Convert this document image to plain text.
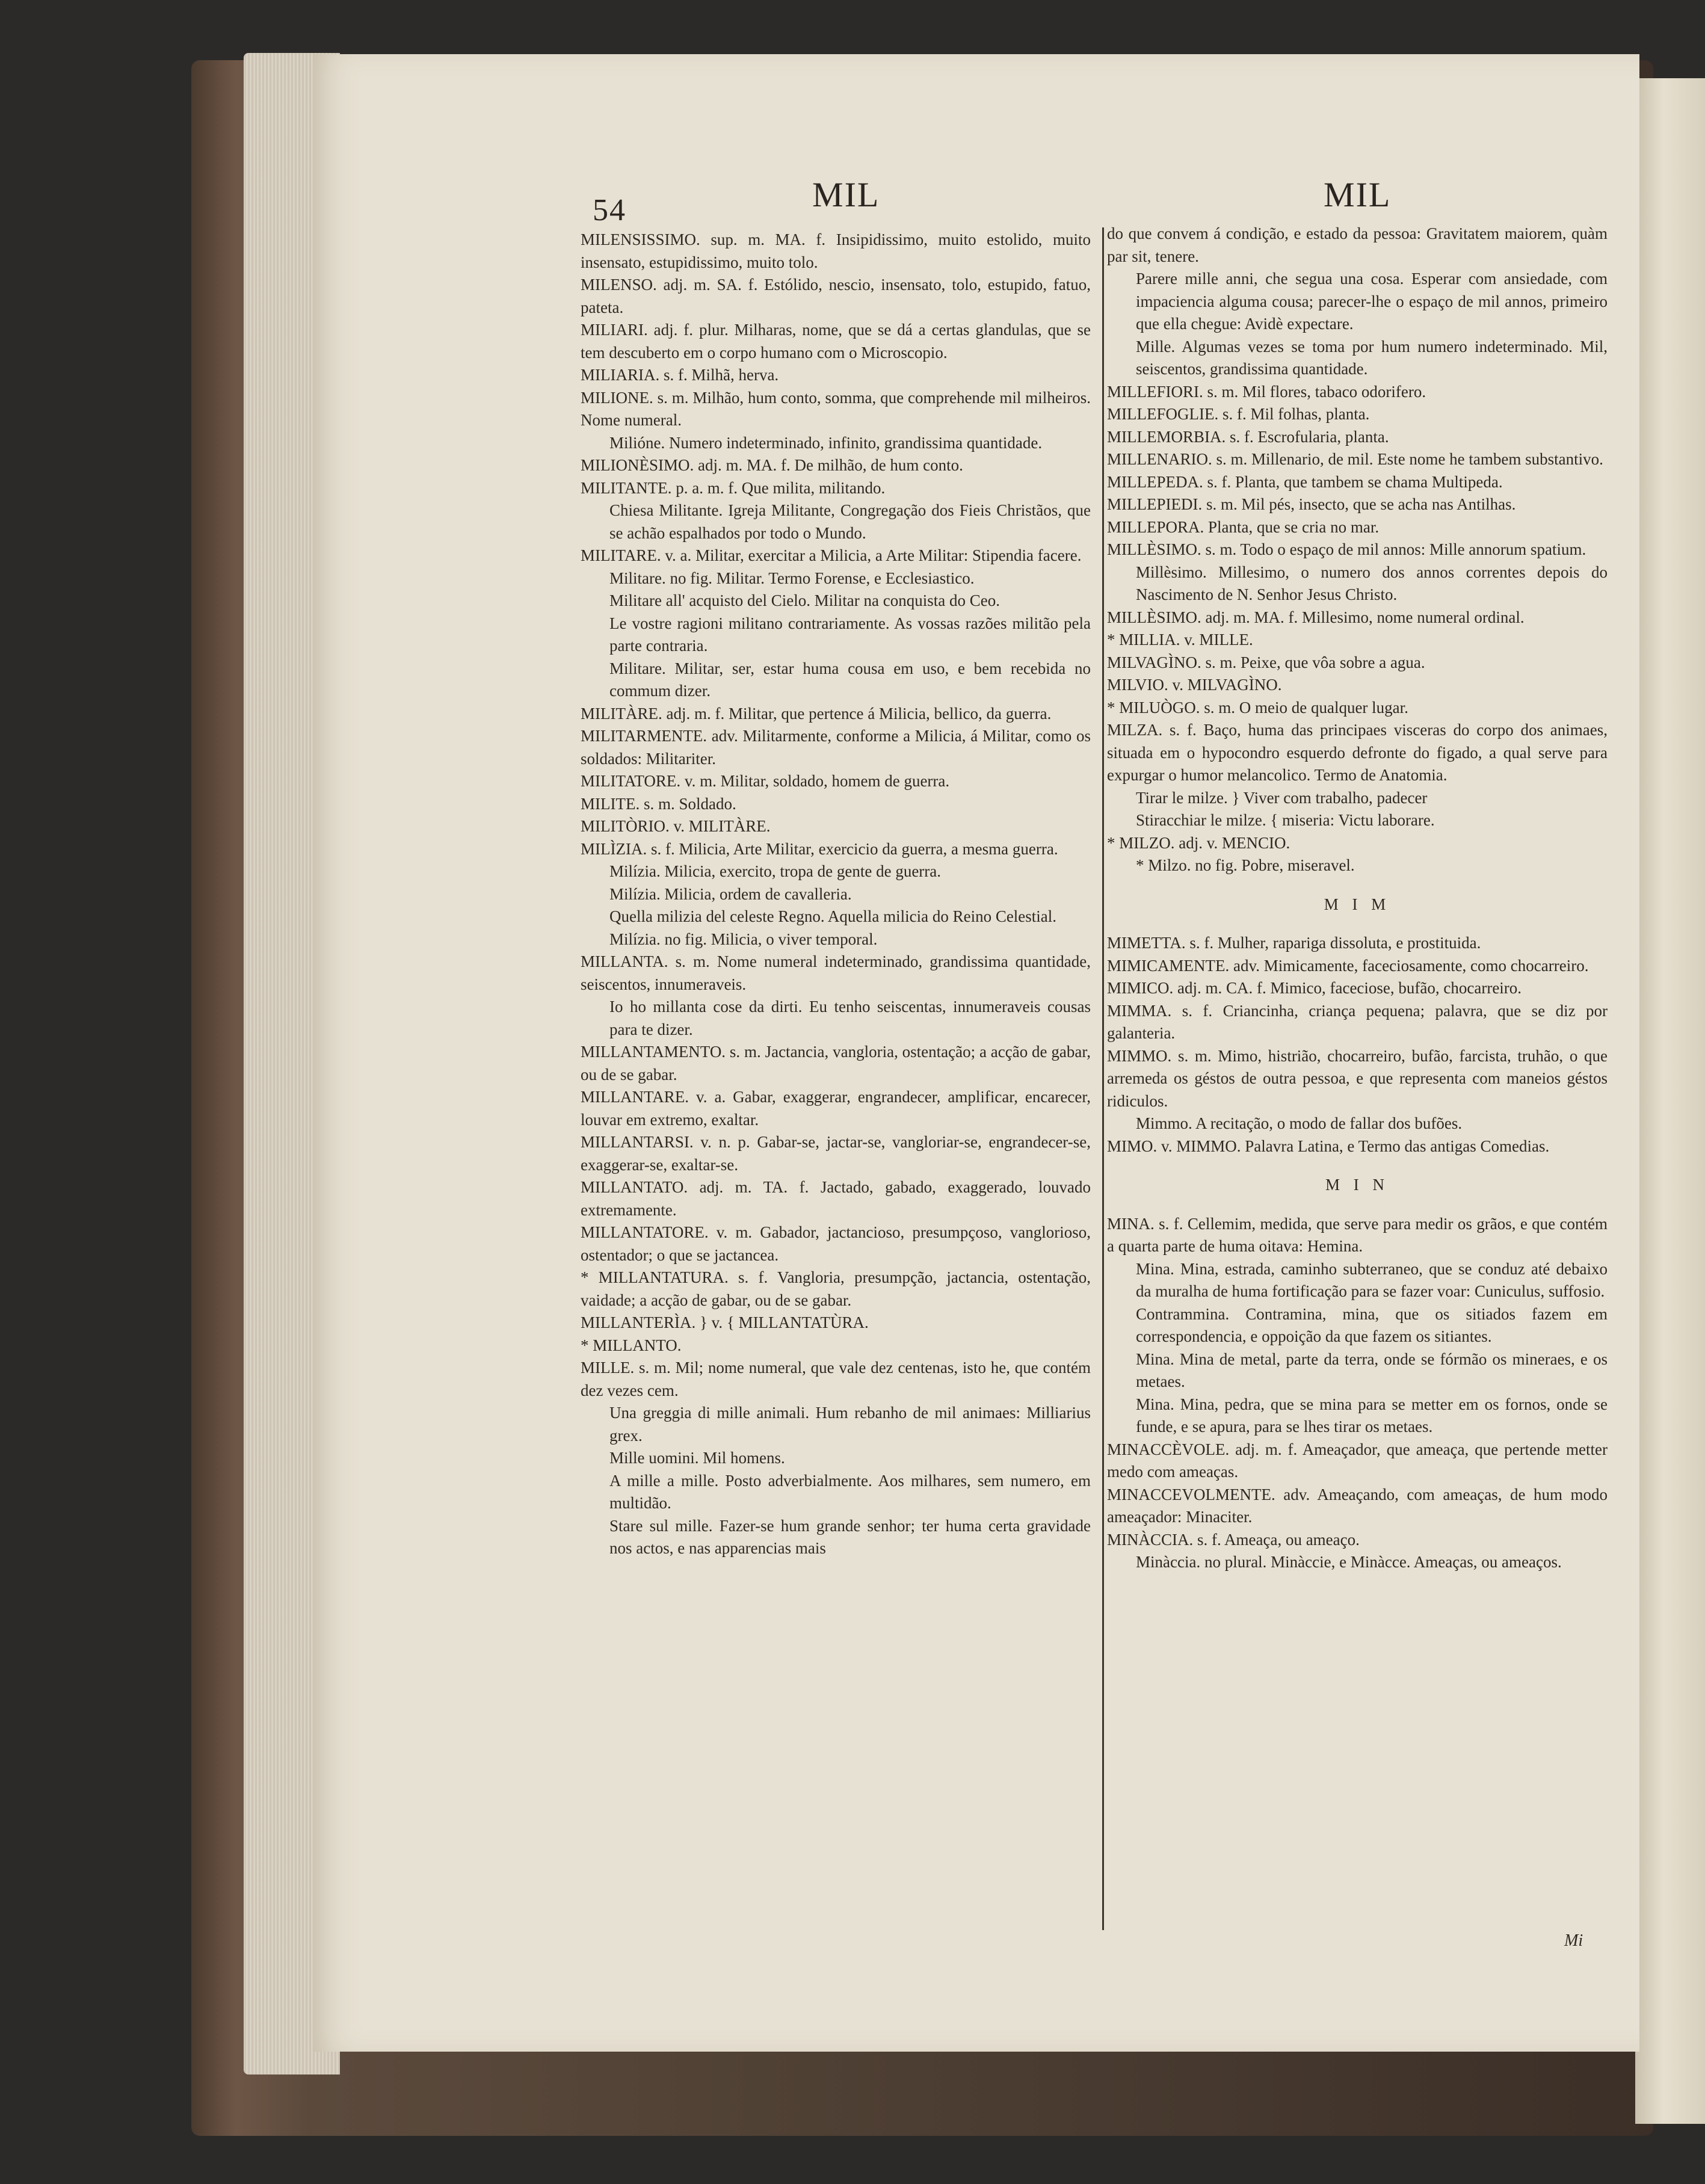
54	MIL	MIL

MILENSISSIMO. sup. m. MA. f. Insipidissimo, muito estolido, muito insensato, estupidissimo, muito tolo.

MILENSO. adj. m. SA. f. Estólido, nescio, insensato, tolo, estupido, fatuo, pateta.

MILIARI. adj. f. plur. Milharas, nome, que se dá a certas glandulas, que se tem descuberto em o corpo humano com o Microscopio.

MILIARIA. s. f. Milhã, herva.

MILIONE. s. m. Milhão, hum conto, somma, que comprehende mil milheiros. Nome numeral.

Milióne. Numero indeterminado, infinito, grandissima quantidade.

MILIONÈSIMO. adj. m. MA. f. De milhão, de hum conto.

MILITANTE. p. a. m. f. Que milita, militando.

Chiesa Militante. Igreja Militante, Congregação dos Fieis Christãos, que se achão espalhados por todo o Mundo.

MILITARE. v. a. Militar, exercitar a Milicia, a Arte Militar: Stipendia facere.

Militare. no fig. Militar. Termo Forense, e Ecclesiastico.

Militare all' acquisto del Cielo. Militar na conquista do Ceo.

Le vostre ragioni militano contrariamente. As vossas razões militão pela parte contraria.

Militare. Militar, ser, estar huma cousa em uso, e bem recebida no commum dizer.

MILITÀRE. adj. m. f. Militar, que pertence á Milicia, bellico, da guerra.

MILITARMENTE. adv. Militarmente, conforme a Milicia, á Militar, como os soldados: Militariter.

MILITATORE. v. m. Militar, soldado, homem de guerra.

MILITE. s. m. Soldado.

MILITÒRIO. v. MILITÀRE.

MILÌZIA. s. f. Milicia, Arte Militar, exercicio da guerra, a mesma guerra.

Milízia. Milicia, exercito, tropa de gente de guerra.

Milízia. Milicia, ordem de cavalleria.

Quella milizia del celeste Regno. Aquella milicia do Reino Celestial.

Milízia. no fig. Milicia, o viver temporal.

MILLANTA. s. m. Nome numeral indeterminado, grandissima quantidade, seiscentos, innumeraveis.

Io ho millanta cose da dirti. Eu tenho seiscentas, innumeraveis cousas para te dizer.

MILLANTAMENTO. s. m. Jactancia, vangloria, ostentação; a acção de gabar, ou de se gabar.

MILLANTARE. v. a. Gabar, exaggerar, engrandecer, amplificar, encarecer, louvar em extremo, exaltar.

MILLANTARSI. v. n. p. Gabar-se, jactar-se, vangloriar-se, engrandecer-se, exaggerar-se, exaltar-se.

MILLANTATO. adj. m. TA. f. Jactado, gabado, exaggerado, louvado extremamente.

MILLANTATORE. v. m. Gabador, jactancioso, presumpçoso, vanglorioso, ostentador; o que se jactancea.

* MILLANTATURA. s. f. Vangloria, presumpção, jactancia, ostentação, vaidade; a acção de gabar, ou de se gabar.

MILLANTERÌA. } v. { MILLANTATÙRA.

* MILLANTO.

MILLE. s. m. Mil; nome numeral, que vale dez centenas, isto he, que contém dez vezes cem.

Una greggia di mille animali. Hum rebanho de mil animaes: Milliarius grex.

Mille uomini. Mil homens.

A mille a mille. Posto adverbialmente. Aos milhares, sem numero, em multidão.

Stare sul mille. Fazer-se hum grande senhor; ter huma certa gravidade nos actos, e nas apparencias mais

do que convem á condição, e estado da pessoa: Gravitatem maiorem, quàm par sit, tenere.

Parere mille anni, che segua una cosa. Esperar com ansiedade, com impaciencia alguma cousa; parecer-lhe o espaço de mil annos, primeiro que ella chegue: Avidè expectare.

Mille. Algumas vezes se toma por hum numero indeterminado. Mil, seiscentos, grandissima quantidade.

MILLEFIORI. s. m. Mil flores, tabaco odorifero.

MILLEFOGLIE. s. f. Mil folhas, planta.

MILLEMORBIA. s. f. Escrofularia, planta.

MILLENARIO. s. m. Millenario, de mil. Este nome he tambem substantivo.

MILLEPEDA. s. f. Planta, que tambem se chama Multipeda.

MILLEPIEDI. s. m. Mil pés, insecto, que se acha nas Antilhas.

MILLEPORA. Planta, que se cria no mar.

MILLÈSIMO. s. m. Todo o espaço de mil annos: Mille annorum spatium.

Millèsimo. Millesimo, o numero dos annos correntes depois do Nascimento de N. Senhor Jesus Christo.

MILLÈSIMO. adj. m. MA. f. Millesimo, nome numeral ordinal.

* MILLIA. v. MILLE.

MILVAGÌNO. s. m. Peixe, que vôa sobre a agua.

MILVIO. v. MILVAGÌNO.

* MILUÒGO. s. m. O meio de qualquer lugar.

MILZA. s. f. Baço, huma das principaes visceras do corpo dos animaes, situada em o hypocondro esquerdo defronte do figado, a qual serve para expurgar o humor melancolico. Termo de Anatomia.

Tirar le milze. } Viver com trabalho, padecer

Stiracchiar le milze. { miseria: Victu laborare.

* MILZO. adj. v. MENCIO.

* Milzo. no fig. Pobre, miseravel.

M I M

MIMETTA. s. f. Mulher, rapariga dissoluta, e prostituida.

MIMICAMENTE. adv. Mimicamente, faceciosamente, como chocarreiro.

MIMICO. adj. m. CA. f. Mimico, faceciose, bufão, chocarreiro.

MIMMA. s. f. Criancinha, criança pequena; palavra, que se diz por galanteria.

MIMMO. s. m. Mimo, histrião, chocarreiro, bufão, farcista, truhão, o que arremeda os géstos de outra pessoa, e que representa com maneios géstos ridiculos.

Mimmo. A recitação, o modo de fallar dos bufões.

MIMO. v. MIMMO. Palavra Latina, e Termo das antigas Comedias.

M I N

MINA. s. f. Cellemim, medida, que serve para medir os grãos, e que contém a quarta parte de huma oitava: Hemina.

Mina. Mina, estrada, caminho subterraneo, que se conduz até debaixo da muralha de huma fortificação para se fazer voar: Cuniculus, suffosio.

Contrammina. Contramina, mina, que os sitiados fazem em correspondencia, e oppoição da que fazem os sitiantes.

Mina. Mina de metal, parte da terra, onde se fórmão os mineraes, e os metaes.

Mina. Mina, pedra, que se mina para se metter em os fornos, onde se funde, e se apura, para se lhes tirar os metaes.

MINACCÈVOLE. adj. m. f. Ameaçador, que ameaça, que pertende metter medo com ameaças.

MINACCEVOLMENTE. adv. Ameaçando, com ameaças, de hum modo ameaçador: Minaciter.

MINÀCCIA. s. f. Ameaça, ou ameaço.

Minàccia. no plural. Minàccie, e Minàcce. Ameaças, ou ameaços.

Mi
